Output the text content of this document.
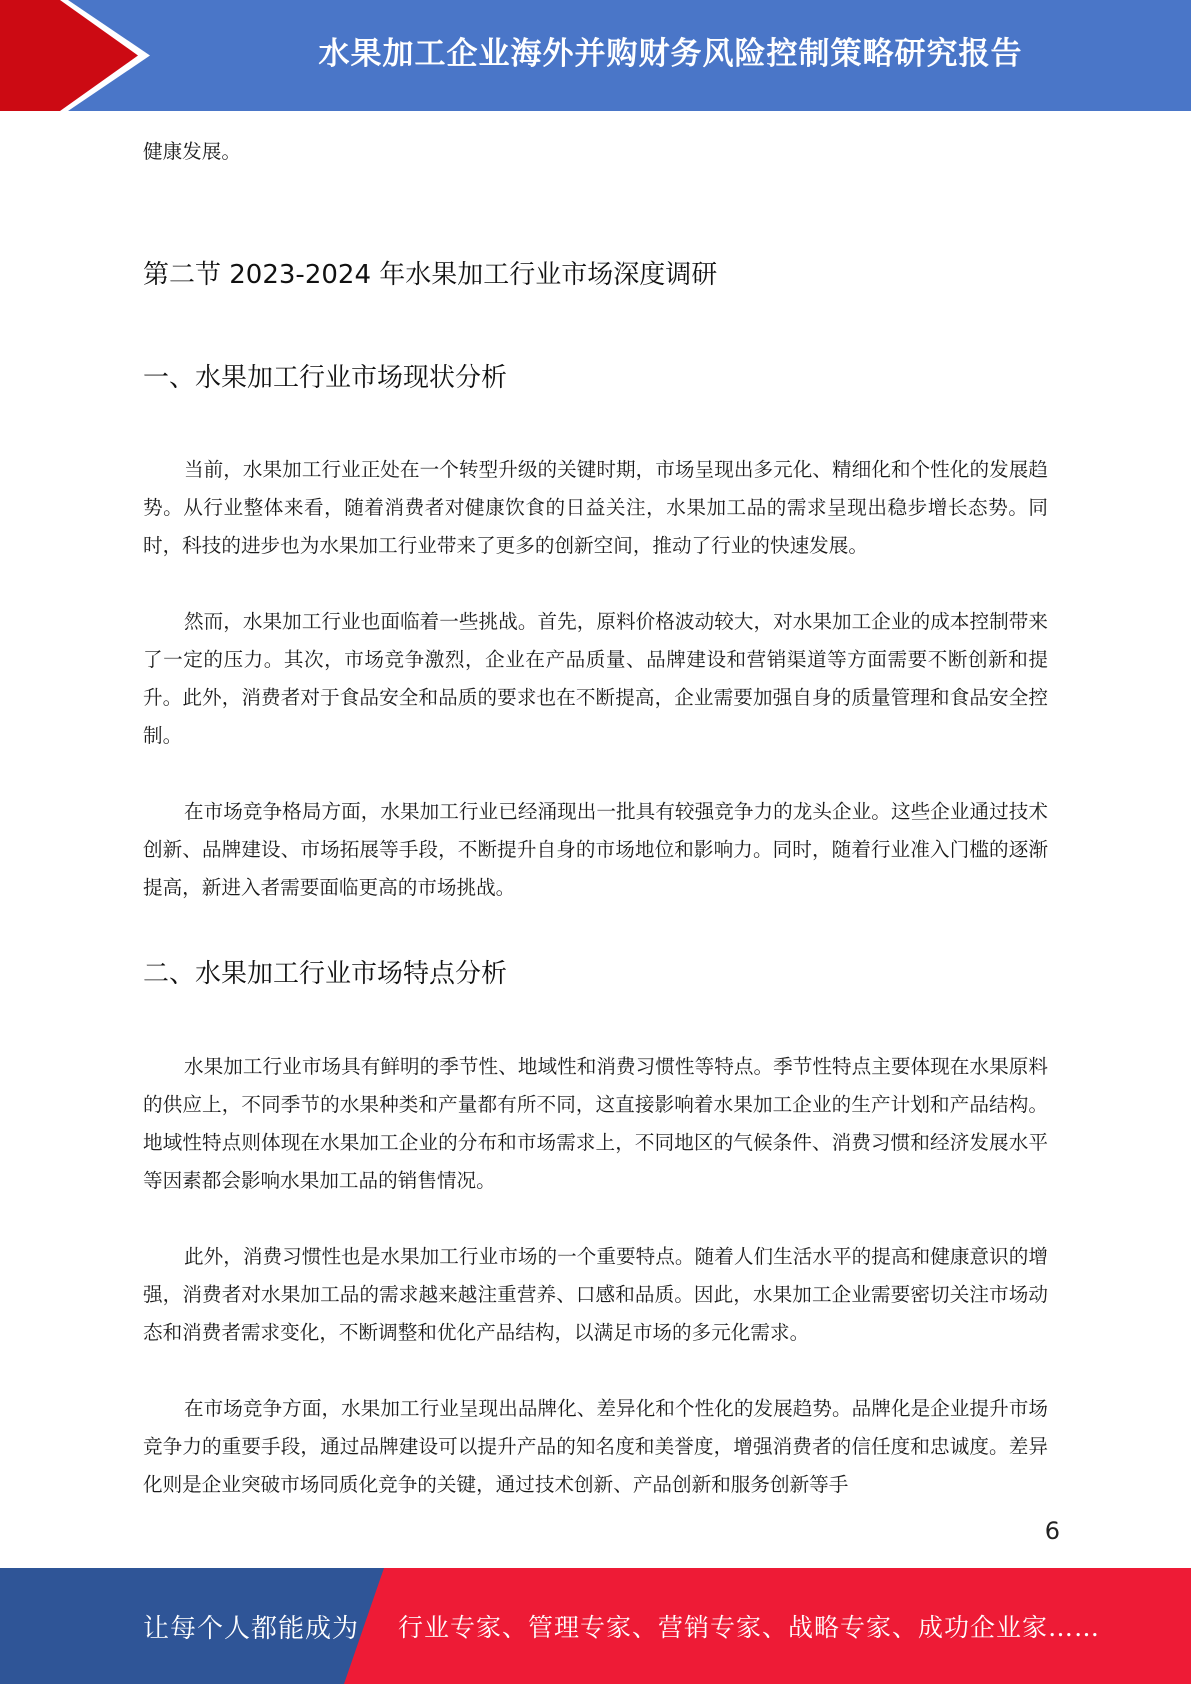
水果加工企业海外并购财务风险控制策略研究报告
健康发展。
第二节 2023-2024 年水果加工行业市场深度调研
一、水果加工行业市场现状分析
当前，水果加工行业正处在一个转型升级的关键时期，市场呈现出多元化、精细化和个性化的发展趋势。从行业整体来看，随着消费者对健康饮食的日益关注，水果加工品的需求呈现出稳步增长态势。同时，科技的进步也为水果加工行业带来了更多的创新空间，推动了行业的快速发展。
然而，水果加工行业也面临着一些挑战。首先，原料价格波动较大，对水果加工企业的成本控制带来了一定的压力。其次，市场竞争激烈，企业在产品质量、品牌建设和营销渠道等方面需要不断创新和提升。此外，消费者对于食品安全和品质的要求也在不断提高，企业需要加强自身的质量管理和食品安全控制。
在市场竞争格局方面，水果加工行业已经涌现出一批具有较强竞争力的龙头企业。这些企业通过技术创新、品牌建设、市场拓展等手段，不断提升自身的市场地位和影响力。同时，随着行业准入门槛的逐渐提高，新进入者需要面临更高的市场挑战。
二、水果加工行业市场特点分析
水果加工行业市场具有鲜明的季节性、地域性和消费习惯性等特点。季节性特点主要体现在水果原料的供应上，不同季节的水果种类和产量都有所不同，这直接影响着水果加工企业的生产计划和产品结构。地域性特点则体现在水果加工企业的分布和市场需求上，不同地区的气候条件、消费习惯和经济发展水平等因素都会影响水果加工品的销售情况。
此外，消费习惯性也是水果加工行业市场的一个重要特点。随着人们生活水平的提高和健康意识的增强，消费者对水果加工品的需求越来越注重营养、口感和品质。因此，水果加工企业需要密切关注市场动态和消费者需求变化，不断调整和优化产品结构，以满足市场的多元化需求。
在市场竞争方面，水果加工行业呈现出品牌化、差异化和个性化的发展趋势。品牌化是企业提升市场竞争力的重要手段，通过品牌建设可以提升产品的知名度和美誉度，增强消费者的信任度和忠诚度。差异化则是企业突破市场同质化竞争的关键，通过技术创新、产品创新和服务创新等手
6
让每个人都能成为 行业专家、管理专家、营销专家、战略专家、成功企业家……
